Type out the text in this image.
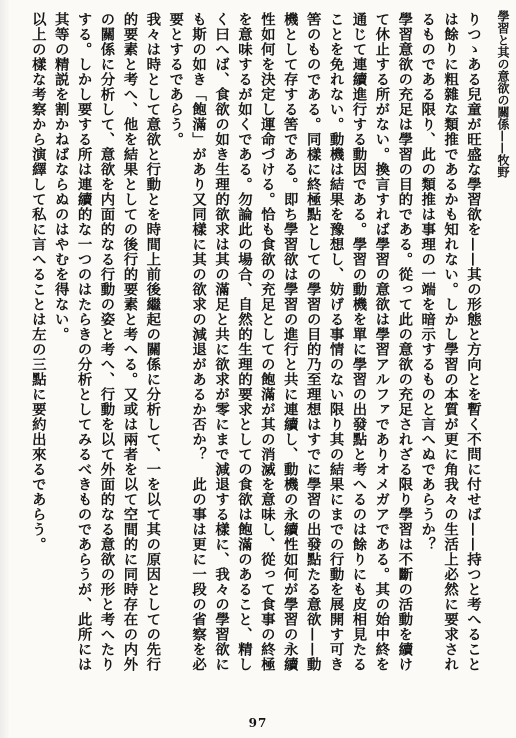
學習と其の意欲の關係——牧野

りつゝある兒童が旺盛な學習欲を——其の形態と方向とを暫く不問に付せば——持つと考へることは餘りに粗雜な類推であるかも知れない。しかし學習の本質が更に角我々の生活上必然に要求されるものである限り、此の類推は事理の一端を暗示するものと言へぬであらうか？

學習意欲の充足は學習の目的である。從って此の意欲の充足されざる限り學習は不斷の活動を續けて休止する所がない。換言すれば學習の意欲は學習アルファでありオメガアである。其の始中終を通じて連續進行する動因である。學習の動機を單に學習の出發點と考へるのは餘りにも皮相見たることを免れない。動機は結果を豫想し、妨げる事情のない限り其の結果にまでの行動を展開す可き筈のものである。同樣に終極點としての學習の目的乃至理想はすでに學習の出發點たる意欲——動機として存する筈である。即ち學習欲は學習の進行と共に連續し、動機の永續性如何が學習の永續性如何を決定し運命づける。恰も食欲の充足としての飽滿が其の消滅を意味し、從って食事の終極を意味するが如くである。勿論此の場合、自然的生理的要求としての食欲は飽滿のあること、精しく曰へば、食欲の如き生理的欲求は其の滿足と共に欲求が零にまで減退する樣に、我々の學習欲にも斯の如き「飽滿」があり又同樣に其の欲求の減退があるか否か？　此の事は更に一段の省察を必要とするであらう。

我々は時として意欲と行動とを時間上前後繼起の關係に分析して、一を以て其の原因としての先行的要素と考へ、他を結果としての後行的要素と考へる。又或は兩者を以て空間的に同時存在の内外の關係に分析して、意欲を内面的なる行動の姿と考へ、行動を以て外面的なる意欲の形と考へたりする。しかし要する所は連續的な一つのはたらきの分析としてみるべきものであらうが、此所には其等の精説を割かねばならぬのはやむを得ない。

以上の樣な考察から演繹して私に言へることは左の三點に要約出來るであらう。

97
